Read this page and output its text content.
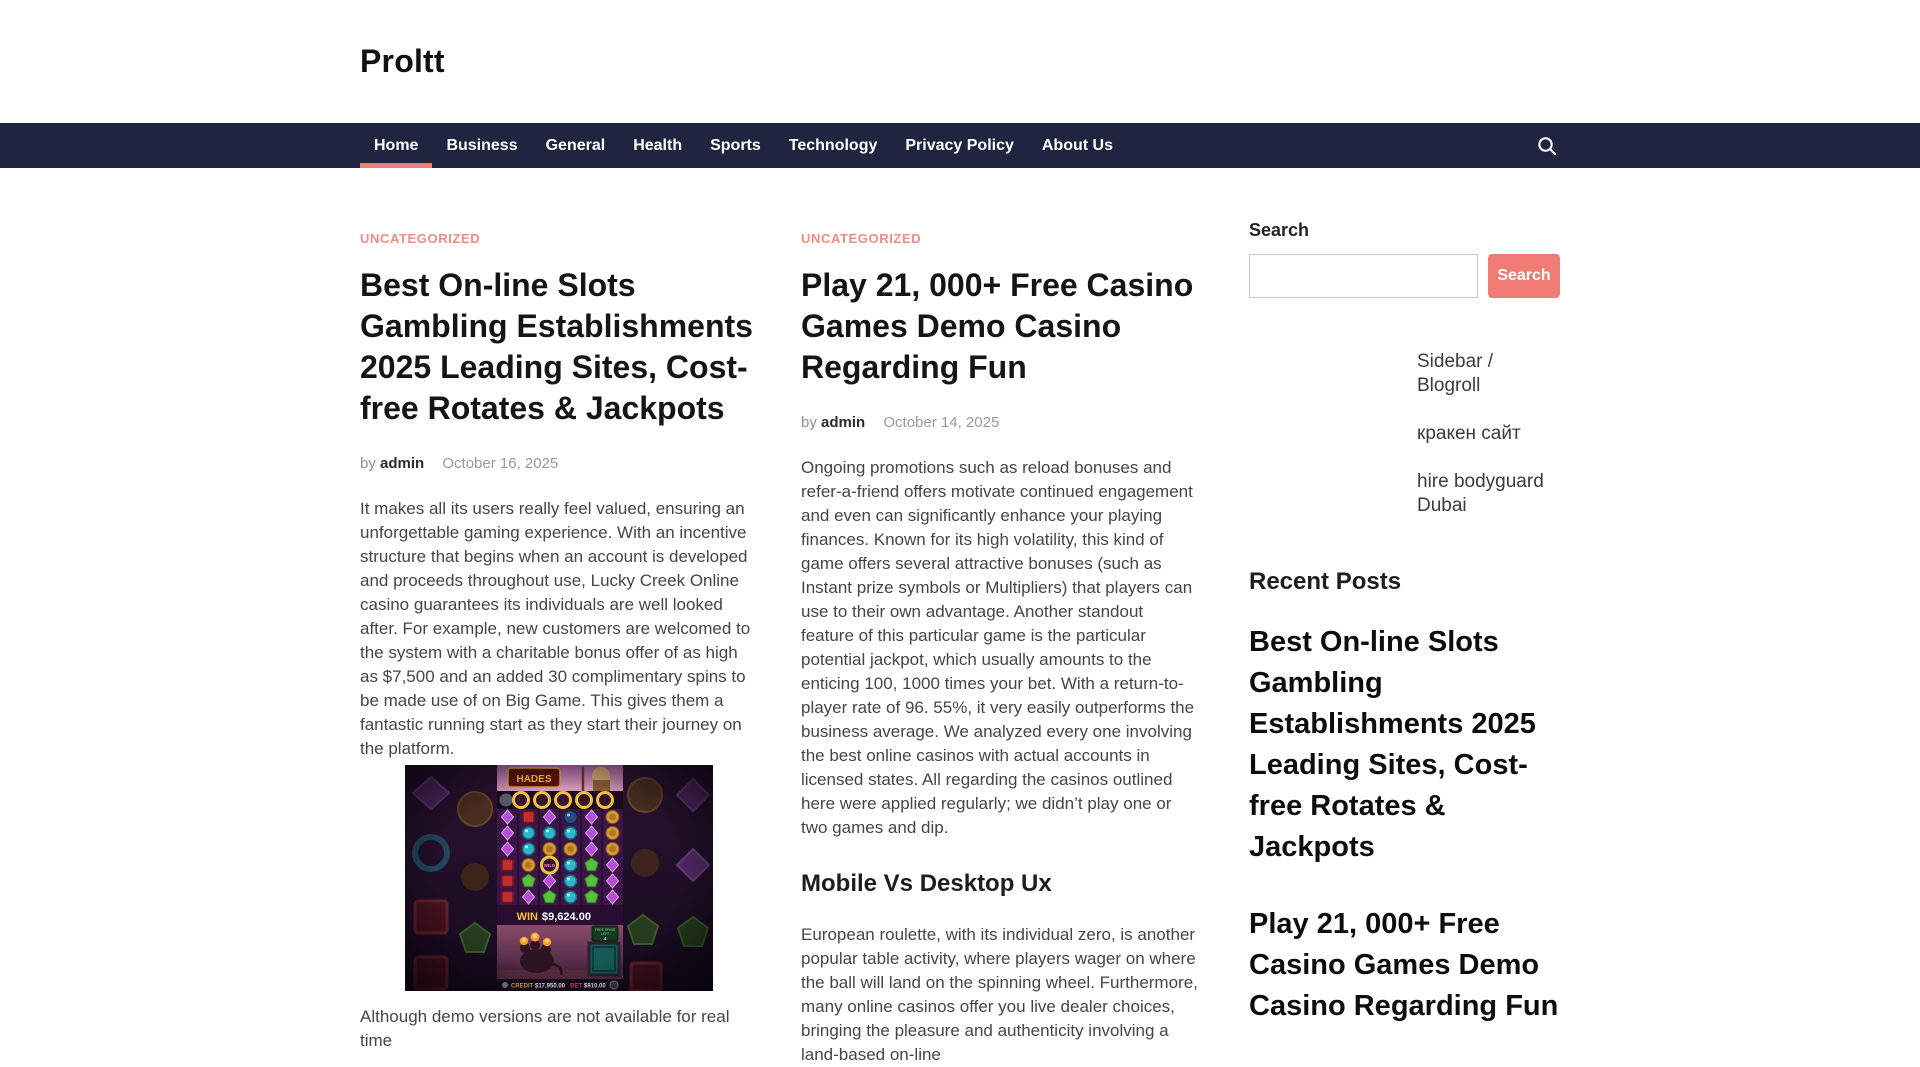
Proltt
Home	Business	General	Health	Sports	Technology	Privacy Policy	About Us
UNCATEGORIZED
Best On-line Slots Gambling Establishments 2025 Leading Sites, Cost-free Rotates & Jackpots
by admin October 16, 2025

It makes all its users really feel valued, ensuring an unforgettable gaming experience. With an incentive structure that begins when an account is developed and proceeds throughout use, Lucky Creek Online casino guarantees its individuals are well looked after. For example, new customers are welcomed to the system with a charitable bonus offer of as high as $7,500 and an added 30 complimentary spins to be made use of on Big Game. This gives them a fantastic running start as they start their journey on the platform.

Although demo versions are not available for real time

UNCATEGORIZED
Play 21, 000+ Free Casino Games Demo Casino Regarding Fun
by admin October 14, 2025

Ongoing promotions such as reload bonuses and refer-a-friend offers motivate continued engagement and even can significantly enhance your playing finances. Known for its high volatility, this kind of game offers several attractive bonuses (such as Instant prize symbols or Multipliers) that players can use to their own advantage. Another standout feature of this particular game is the particular potential jackpot, which usually amounts to the enticing 100, 1000 times your bet. With a return-to-player rate of 96. 55%, it very easily outperforms the business average. We analyzed every one involving the best online casinos with actual accounts in licensed states. All regarding the casinos outlined here were applied regularly; we didn’t play one or two games and dip.

Mobile Vs Desktop Ux

European roulette, with its individual zero, is another popular table activity, where players wager on where the ball will land on the spinning wheel. Furthermore, many online casinos offer you live dealer choices, bringing the pleasure and authenticity involving a land-based on-line

Search
Search
Sidebar / Blogroll
кракен сайт
hire bodyguard Dubai
Recent Posts
Best On-line Slots Gambling Establishments 2025 Leading Sites, Cost-free Rotates & Jackpots
Play 21, 000+ Free Casino Games Demo Casino Regarding Fun
